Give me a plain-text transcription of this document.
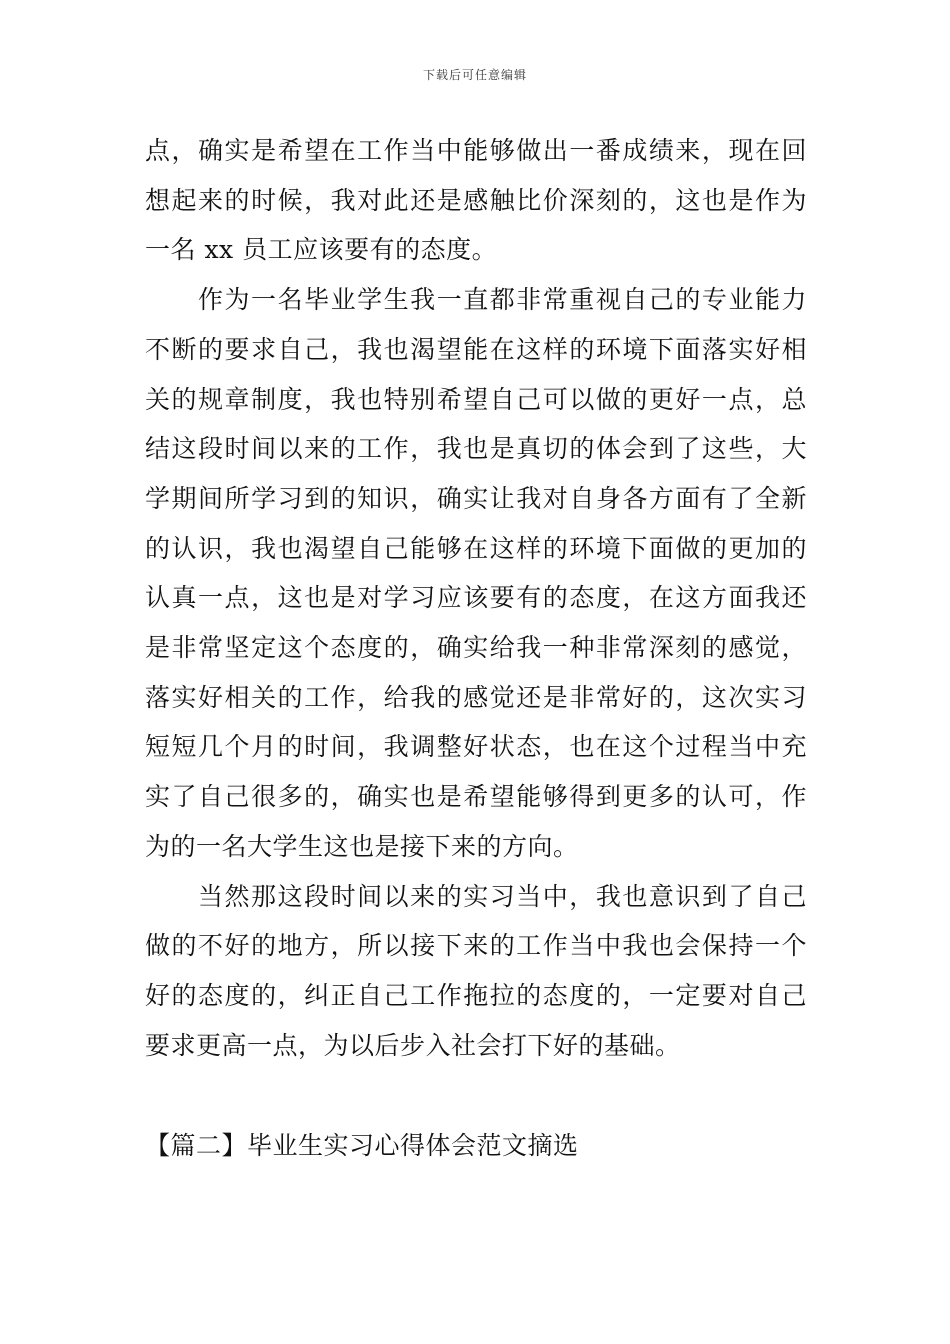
下载后可任意编辑

点，确实是希望在工作当中能够做出一番成绩来，现在回想起来的时候，我对此还是感触比价深刻的，这也是作为一名 xx 员工应该要有的态度。

作为一名毕业学生我一直都非常重视自己的专业能力不断的要求自己，我也渴望能在这样的环境下面落实好相关的规章制度，我也特别希望自己可以做的更好一点，总结这段时间以来的工作，我也是真切的体会到了这些，大学期间所学习到的知识，确实让我对自身各方面有了全新的认识，我也渴望自己能够在这样的环境下面做的更加的认真一点，这也是对学习应该要有的态度，在这方面我还是非常坚定这个态度的，确实给我一种非常深刻的感觉，落实好相关的工作，给我的感觉还是非常好的，这次实习短短几个月的时间，我调整好状态，也在这个过程当中充实了自己很多的，确实也是希望能够得到更多的认可，作为的一名大学生这也是接下来的方向。

当然那这段时间以来的实习当中，我也意识到了自己做的不好的地方，所以接下来的工作当中我也会保持一个好的态度的，纠正自己工作拖拉的态度的，一定要对自己要求更高一点，为以后步入社会打下好的基础。

【篇二】毕业生实习心得体会范文摘选
